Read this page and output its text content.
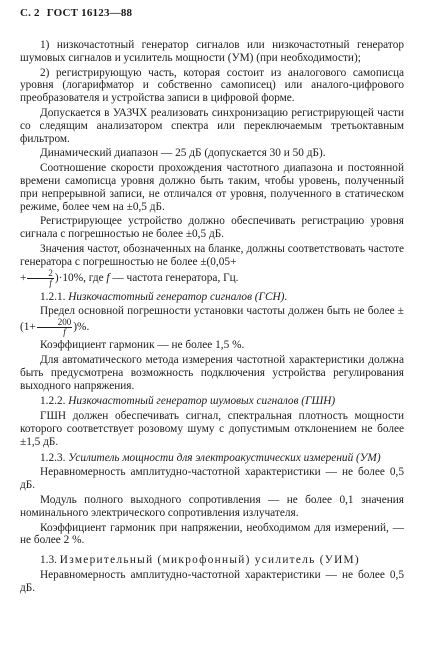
С. 2 ГОСТ 16123—88

1) низкочастотный генератор сигналов или низкочастотный генератор шумовых сигналов и усилитель мощности (УМ) (при необходимости);

2) регистрирующую часть, которая состоит из аналогового самописца уровня (логарифматор и собственно самописец) или аналого-цифрового преобразователя и устройства записи в цифровой форме.

Допускается в УАЗЧХ реализовать синхронизацию регистрирующей части со следящим анализатором спектра или переключаемым третьоктавным фильтром.

Динамический диапазон — 25 дБ (допускается 30 и 50 дБ).

Соотношение скорости прохождения частотного диапазона и постоянной времени самописца уровня должно быть таким, чтобы уровень, полученный при непрерывной записи, не отличался от уровня, полученного в статическом режиме, более чем на ±0,5 дБ.

Регистрирующее устройство должно обеспечивать регистрацию уровня сигнала с погрешностью не более ±0,5 дБ.

Значения частот, обозначенных на бланке, должны соответствовать частоте генератора с погрешностью не более ±(0,05+
+ $\frac{2}{f} )\cdot 10\%$, где f — частота генератора, Гц.

1.2.1. Низкочастотный генератор сигналов (ГСН).

Предел основной погрешности установки частоты должен быть не более $\pm(1+ \frac{200}{f}$ )%.

Коэффициент гармоник — не более 1,5 %.

Для автоматического метода измерения частотной характеристики должна быть предусмотрена возможность подключения устройства регулирования выходного напряжения.

1.2.2. Низкочастотный генератор шумовых сигналов (ГШН)

ГШН должен обеспечивать сигнал, спектральная плотность мощности которого соответствует розовому шуму с допустимым отклонением не более ±1,5 дБ.

1.2.3. Усилитель мощности для электроакустических измерений (УМ)

Неравномерность амплитудно-частотной характеристики — не более 0,5 дБ.

Модуль полного выходного сопротивления — не более 0,1 значения номинального электрического сопротивления излучателя.

Коэффициент гармоник при напряжении, необходимом для измерений, — не более 2 %.

1.3. Измерительный (микрофонный) усилитель (УИМ)

Неравномерность амплитудно-частотной характеристики — не более 0,5 дБ.
